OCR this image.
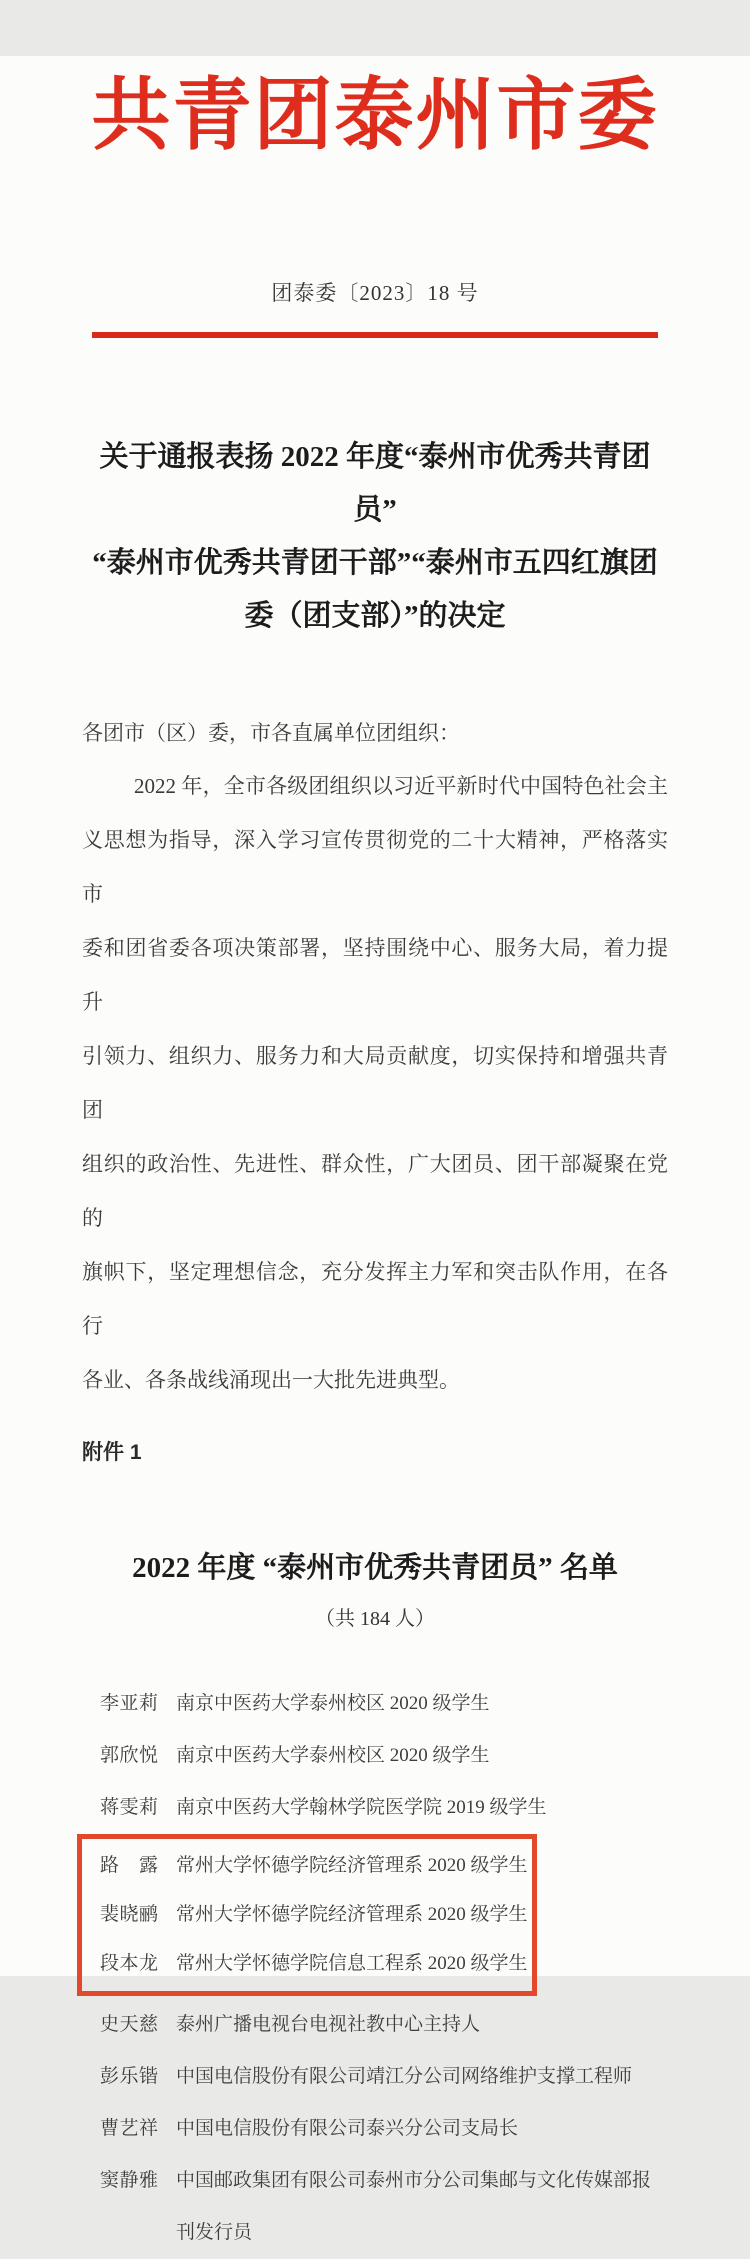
共青团泰州市委
团泰委〔2023〕18 号
关于通报表扬 2022 年度“泰州市优秀共青团员”
“泰州市优秀共青团干部”“泰州市五四红旗团
委（团支部）”的决定
各团市（区）委，市各直属单位团组织：
2022 年，全市各级团组织以习近平新时代中国特色社会主
义思想为指导，深入学习宣传贯彻党的二十大精神，严格落实市
委和团省委各项决策部署，坚持围绕中心、服务大局，着力提升
引领力、组织力、服务力和大局贡献度，切实保持和增强共青团
组织的政治性、先进性、群众性，广大团员、团干部凝聚在党的
旗帜下，坚定理想信念，充分发挥主力军和突击队作用，在各行
各业、各条战线涌现出一大批先进典型。
附件 1
2022 年度 “泰州市优秀共青团员” 名单
（共 184 人）
李亚莉 南京中医药大学泰州校区 2020 级学生
郭欣悦 南京中医药大学泰州校区 2020 级学生
蒋雯莉 南京中医药大学翰林学院医学院 2019 级学生
路露 常州大学怀德学院经济管理系 2020 级学生
裴晓鹂 常州大学怀德学院经济管理系 2020 级学生
段本龙 常州大学怀德学院信息工程系 2020 级学生
史天慈 泰州广播电视台电视社教中心主持人
彭乐锴 中国电信股份有限公司靖江分公司网络维护支撑工程师
曹艺祥 中国电信股份有限公司泰兴分公司支局长
窦静雅 中国邮政集团有限公司泰州市分公司集邮与文化传媒部报刊发行员
